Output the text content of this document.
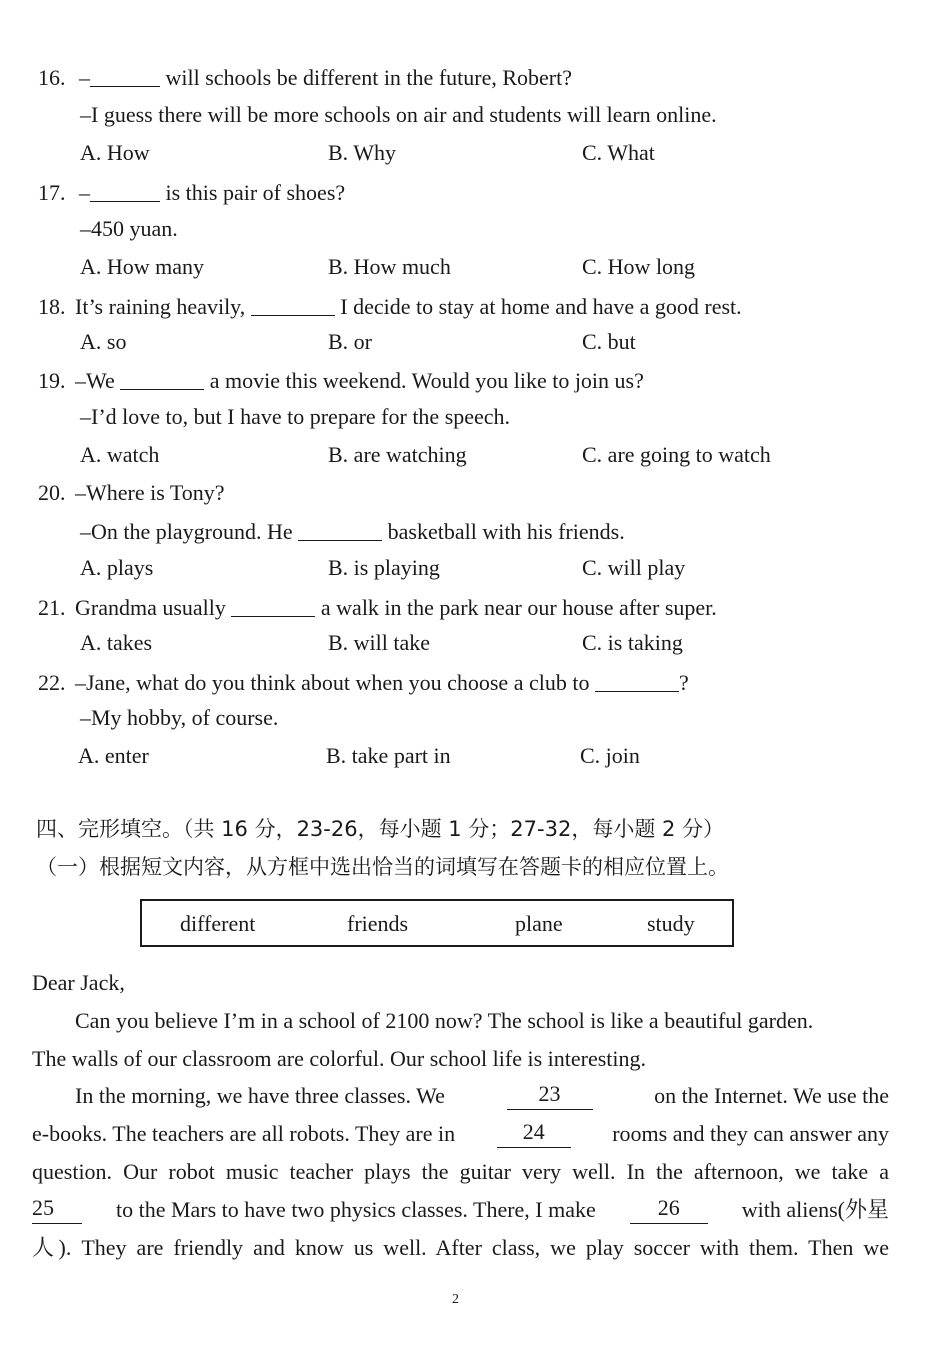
16. –	will schools be different in the future, Robert?
–I guess there will be more schools on air and students will learn online.
A. How	B. Why	C. What
17. –	is this pair of shoes?
–450 yuan.
A. How many	B. How much	C. How long
18. It’s raining heavily,	I decide to stay at home and have a good rest.
A. so	B. or	C. but
19. –We	a movie this weekend. Would you like to join us?
–I’d love to, but I have to prepare for the speech.
A. watch	B. are watching	C. are going to watch
20. –Where is Tony?
–On the playground. He	basketball with his friends.
A. plays	B. is playing	C. will play
21. Grandma usually	a walk in the park near our house after super.
A. takes	B. will take	C. is taking
22. –Jane, what do you think about when you choose a club to	?
–My hobby, of course.
A. enter	B. take part in	C. join
四、完形填空。（共 16 分，23-26，每小题 1 分；27-32，每小题 2 分）
（一）根据短文内容，从方框中选出恰当的词填写在答题卡的相应位置上。
different	friends	plane	study
Dear Jack,
Can you believe I’m in a school of 2100 now? The school is like a beautiful garden.
The walls of our classroom are colorful. Our school life is interesting.
In the morning, we have three classes. We	23	on the Internet. We use the
e-books. The teachers are all robots. They are in	24	rooms and they can answer any
question. Our robot music teacher plays the guitar very well. In the afternoon, we take a
25	to the Mars to have two physics classes. There, I make	26	with aliens(外星
人). They are friendly and know us well. After class, we play soccer with them. Then we
2
